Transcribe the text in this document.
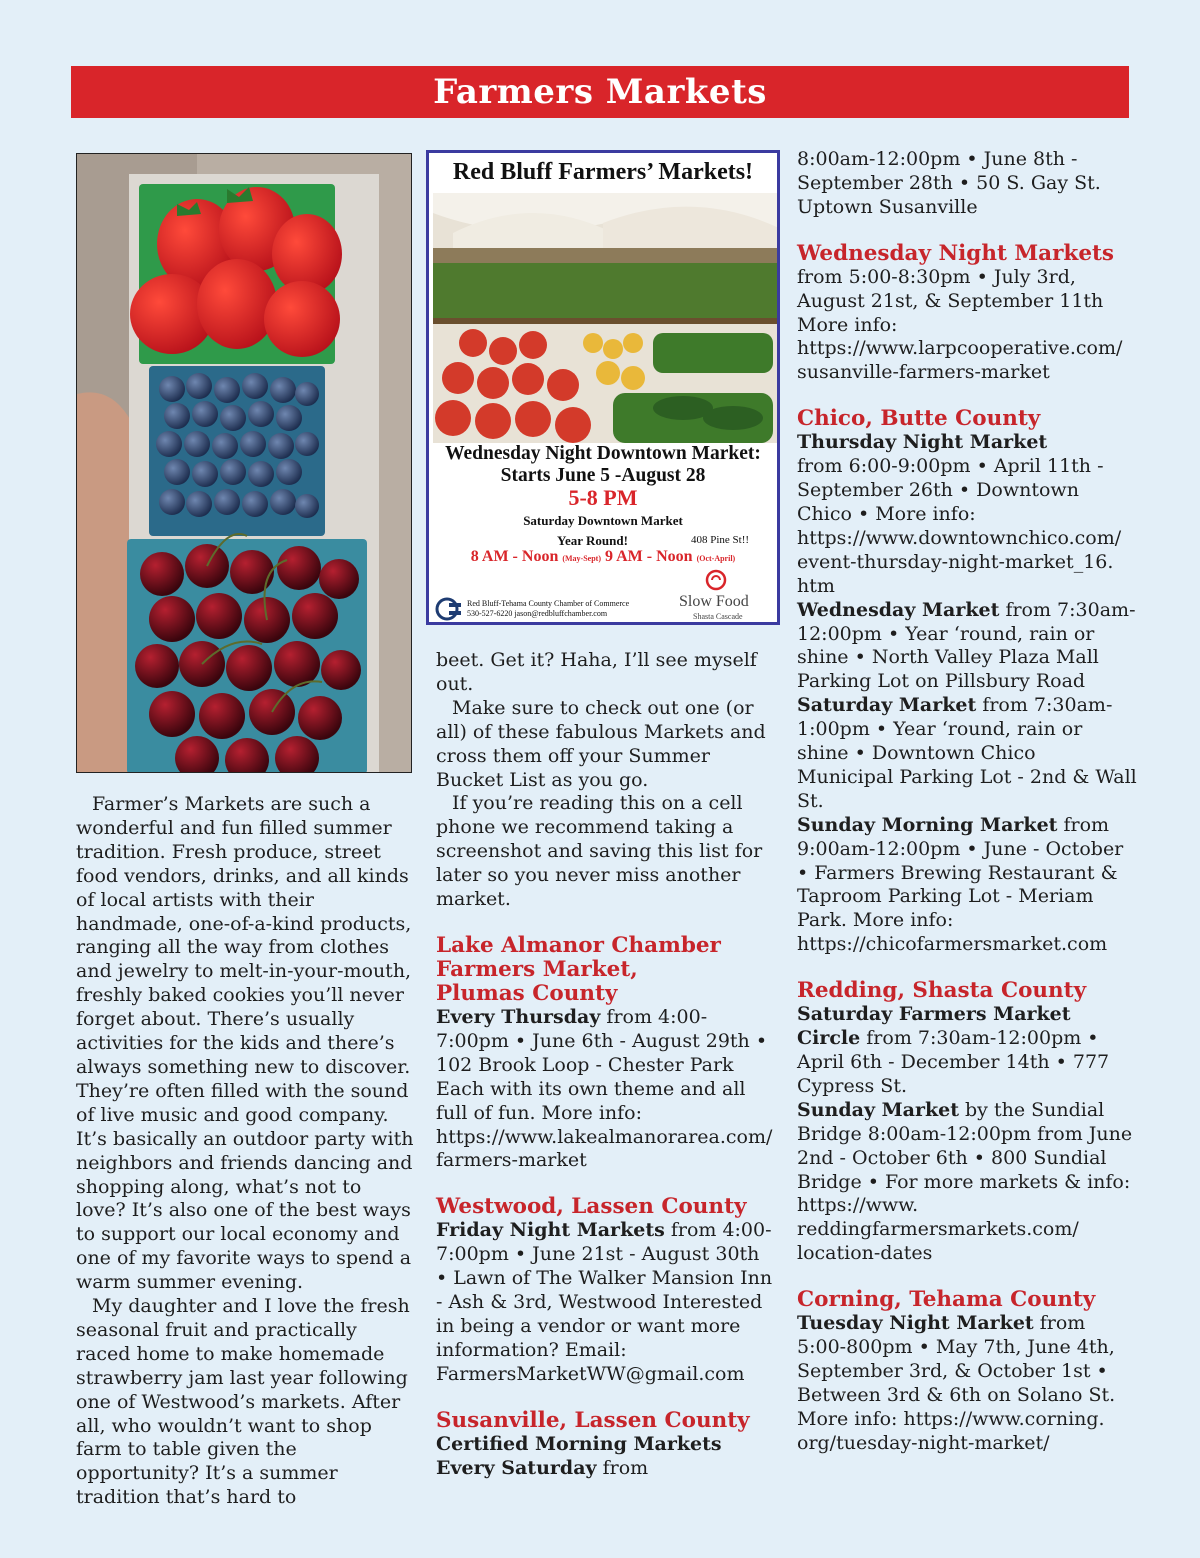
Farmers Markets
Red Bluff Farmers’ Markets!
Wednesday Night Downtown Market:
Starts June 5 -August 28
5-8 PM
Saturday Downtown Market
Year Round!	408 Pine St!!
8 AM - Noon (May-Sept) 9 AM - Noon (Oct-April)
Red Bluff-Tehama County Chamber of Commerce
530-527-6220 jason@redbluffchamber.com
Slow Food
Shasta Cascade

Farmer’s Markets are such a wonderful and fun filled summer tradition. Fresh produce, street food vendors, drinks, and all kinds of local artists with their handmade, one-of-a-kind products, ranging all the way from clothes and jewelry to melt-in-your-mouth, freshly baked cookies you’ll never forget about. There’s usually activities for the kids and there’s always something new to discover. They’re often filled with the sound of live music and good company. It’s basically an outdoor party with neighbors and friends dancing and shopping along, what’s not to love? It’s also one of the best ways to support our local economy and one of my favorite ways to spend a warm summer evening.

My daughter and I love the fresh seasonal fruit and practically raced home to make homemade strawberry jam last year following one of Westwood’s markets. After all, who wouldn’t want to shop farm to table given the opportunity? It’s a summer tradition that’s hard to

beet. Get it? Haha, I’ll see myself out.

Make sure to check out one (or all) of these fabulous Markets and cross them off your Summer Bucket List as you go.

If you’re reading this on a cell phone we recommend taking a screenshot and saving this list for later so you never miss another market.

Lake Almanor Chamber
Farmers Market,
Plumas County

Every Thursday from 4:00-7:00pm • June 6th - August 29th • 102 Brook Loop - Chester Park Each with its own theme and all full of fun. More info: https://www.lakealmanorarea.com/ farmers-market

Westwood, Lassen County

Friday Night Markets from 4:00-7:00pm • June 21st - August 30th • Lawn of The Walker Mansion Inn - Ash & 3rd, Westwood Interested in being a vendor or want more information? Email: FarmersMarketWW@gmail.com

Susanville, Lassen County

Certified Morning Markets
Every Saturday from

8:00am-12:00pm • June 8th - September 28th • 50 S. Gay St. Uptown Susanville

Wednesday Night Markets

from 5:00-8:30pm • July 3rd, August 21st, & September 11th More info: https://www.larpcooperative.com/ susanville-farmers-market

Chico, Butte County

Thursday Night Market
from 6:00-9:00pm • April 11th - September 26th • Downtown Chico • More info: https://www.downtownchico.com/ event-thursday-night-market_16. htm

Wednesday Market from 7:30am-12:00pm • Year ‘round, rain or shine • North Valley Plaza Mall Parking Lot on Pillsbury Road

Saturday Market from 7:30am-1:00pm • Year ‘round, rain or shine • Downtown Chico Municipal Parking Lot - 2nd & Wall St.

Sunday Morning Market from 9:00am-12:00pm • June - October • Farmers Brewing Restaurant & Taproom Parking Lot - Meriam Park. More info: https://chicofarmersmarket.com

Redding, Shasta County

Saturday Farmers Market Circle from 7:30am-12:00pm • April 6th - December 14th • 777 Cypress St.

Sunday Market by the Sundial Bridge 8:00am-12:00pm from June 2nd - October 6th • 800 Sundial Bridge • For more markets & info: https://www. reddingfarmersmarkets.com/ location-dates

Corning, Tehama County

Tuesday Night Market from 5:00-800pm • May 7th, June 4th, September 3rd, & October 1st • Between 3rd & 6th on Solano St. More info: https://www.corning. org/tuesday-night-market/
